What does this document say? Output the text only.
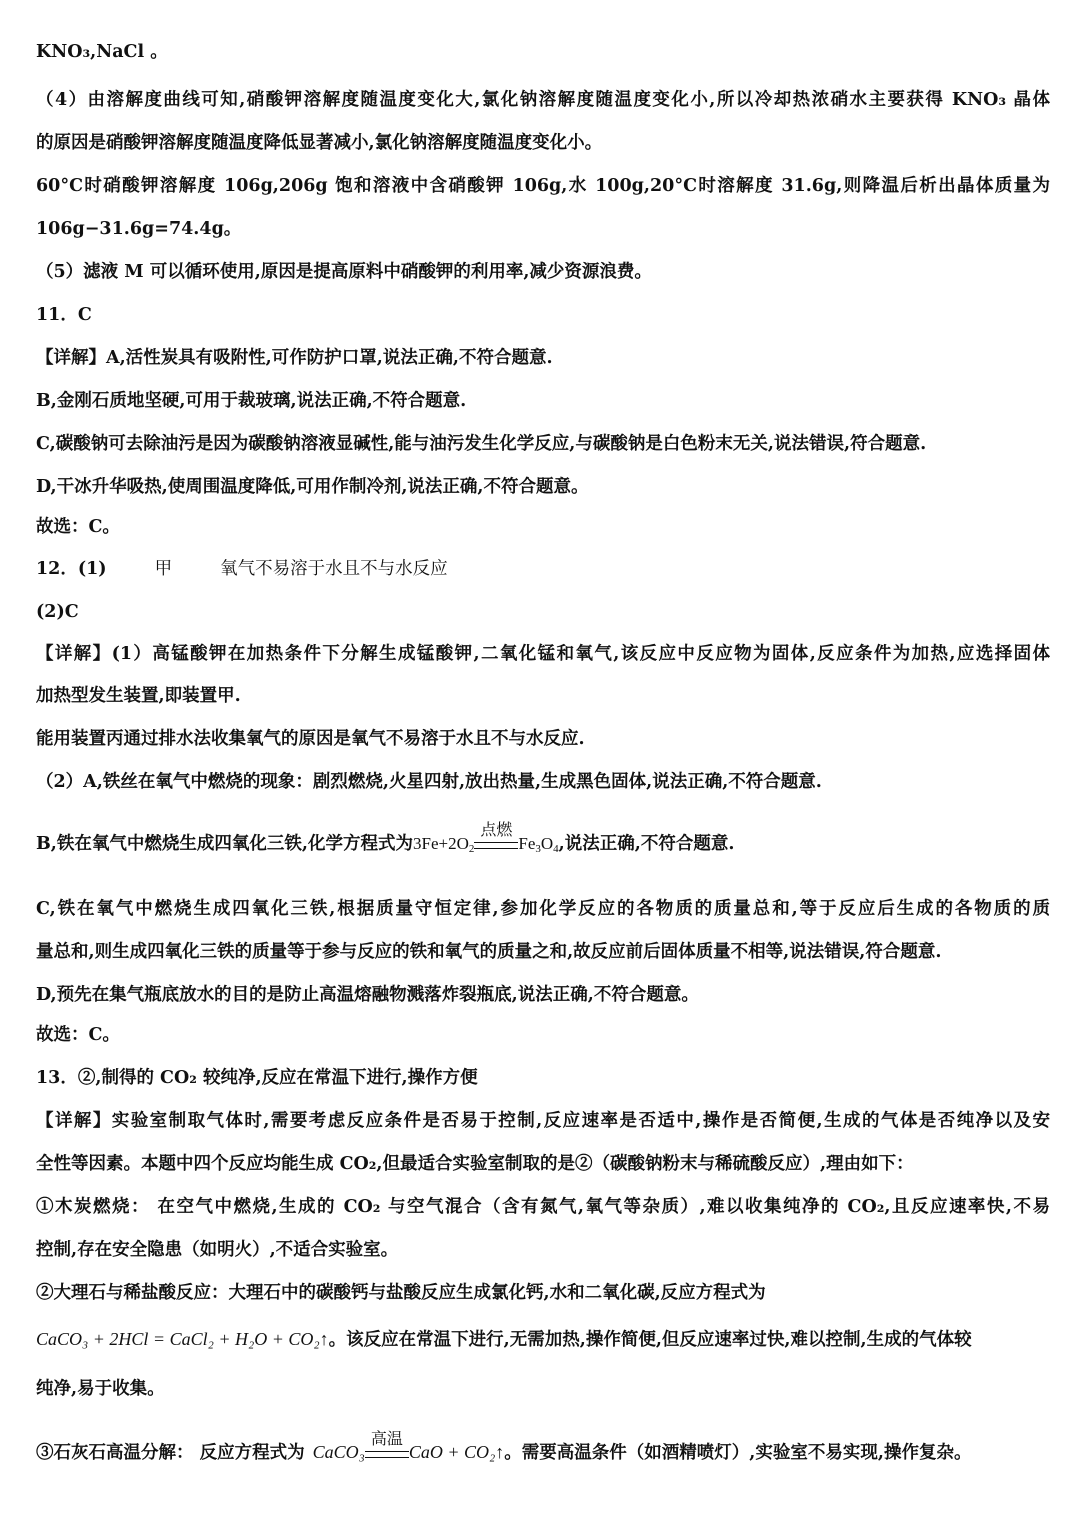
KNO₃,NaCl 。
（4）由溶解度曲线可知,硝酸钾溶解度随温度变化大,氯化钠溶解度随温度变化小,所以冷却热浓硝水主要获得 KNO₃ 晶体
的原因是硝酸钾溶解度随温度降低显著减小,氯化钠溶解度随温度变化小。
60°C时硝酸钾溶解度 106g,206g 饱和溶液中含硝酸钾 106g,水 100g,20°C时溶解度 31.6g,则降温后析出晶体质量为
106g−31.6g=74.4g。
（5）滤液 M 可以循环使用,原因是提高原料中硝酸钾的利用率,减少资源浪费。
11．C
【详解】A,活性炭具有吸附性,可作防护口罩,说法正确,不符合题意.
B,金刚石质地坚硬,可用于裁玻璃,说法正确,不符合题意.
C,碳酸钠可去除油污是因为碳酸钠溶液显碱性,能与油污发生化学反应,与碳酸钠是白色粉末无关,说法错误,符合题意.
D,干冰升华吸热,使周围温度降低,可用作制冷剂,说法正确,不符合题意。
故选：C。
12．(1)	甲	氧气不易溶于水且不与水反应
(2)C
【详解】(1）高锰酸钾在加热条件下分解生成锰酸钾,二氧化锰和氧气,该反应中反应物为固体,反应条件为加热,应选择固体
加热型发生装置,即装置甲.
能用装置丙通过排水法收集氧气的原因是氧气不易溶于水且不与水反应.
（2）A,铁丝在氧气中燃烧的现象：剧烈燃烧,火星四射,放出热量,生成黑色固体,说法正确,不符合题意.
B,铁在氧气中燃烧生成四氧化三铁,化学方程式为$3Fe+2O_2$
点燃
$Fe_3O_4$,说法正确,不符合题意.
C,铁在氧气中燃烧生成四氧化三铁,根据质量守恒定律,参加化学反应的各物质的质量总和,等于反应后生成的各物质的质
量总和,则生成四氧化三铁的质量等于参与反应的铁和氧气的质量之和,故反应前后固体质量不相等,说法错误,符合题意.
D,预先在集气瓶底放水的目的是防止高温熔融物溅落炸裂瓶底,说法正确,不符合题意。
故选：C。
13．②,制得的 CO₂ 较纯净,反应在常温下进行,操作方便
【详解】实验室制取气体时,需要考虑反应条件是否易于控制,反应速率是否适中,操作是否简便,生成的气体是否纯净以及安
全性等因素。本题中四个反应均能生成 CO₂,但最适合实验室制取的是②（碳酸钠粉末与稀硫酸反应）,理由如下：
①木炭燃烧： 在空气中燃烧,生成的 CO₂ 与空气混合（含有氮气,氧气等杂质）,难以收集纯净的 CO₂,且反应速率快,不易
控制,存在安全隐患（如明火）,不适合实验室。
②大理石与稀盐酸反应：大理石中的碳酸钙与盐酸反应生成氯化钙,水和二氧化碳,反应方程式为
CaCO₃ + 2HCl = CaCl₂ + H₂O + CO₂↑。该反应在常温下进行,无需加热,操作简便,但反应速率过快,难以控制,生成的气体较
纯净,易于收集。
③石灰石高温分解： 反应方程式为 CaCO₃
高温
CaO + CO₂↑。需要高温条件（如酒精喷灯）,实验室不易实现,操作复杂。
